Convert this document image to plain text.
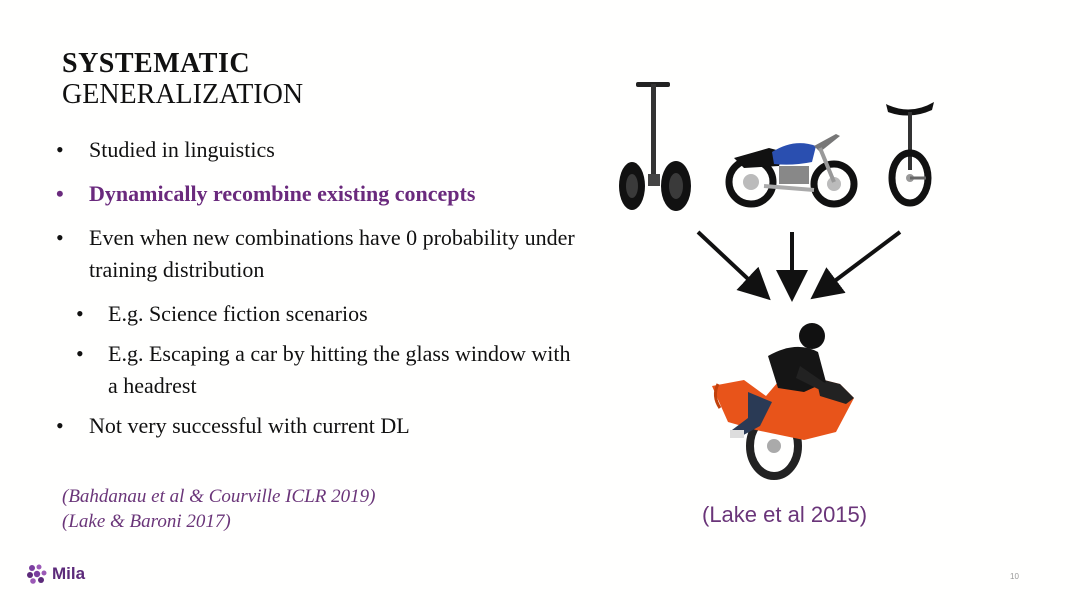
SYSTEMATIC
GENERALIZATION
• Studied in linguistics
• Dynamically recombine existing concepts
• Even when new combinations have 0 probability under training distribution
• E.g. Science fiction scenarios
• E.g. Escaping a car by hitting the glass window with a headrest
• Not very successful with current DL
(Bahdanau et al & Courville ICLR 2019)
(Lake & Baroni 2017)	(Lake et al 2015)
Mila	10
